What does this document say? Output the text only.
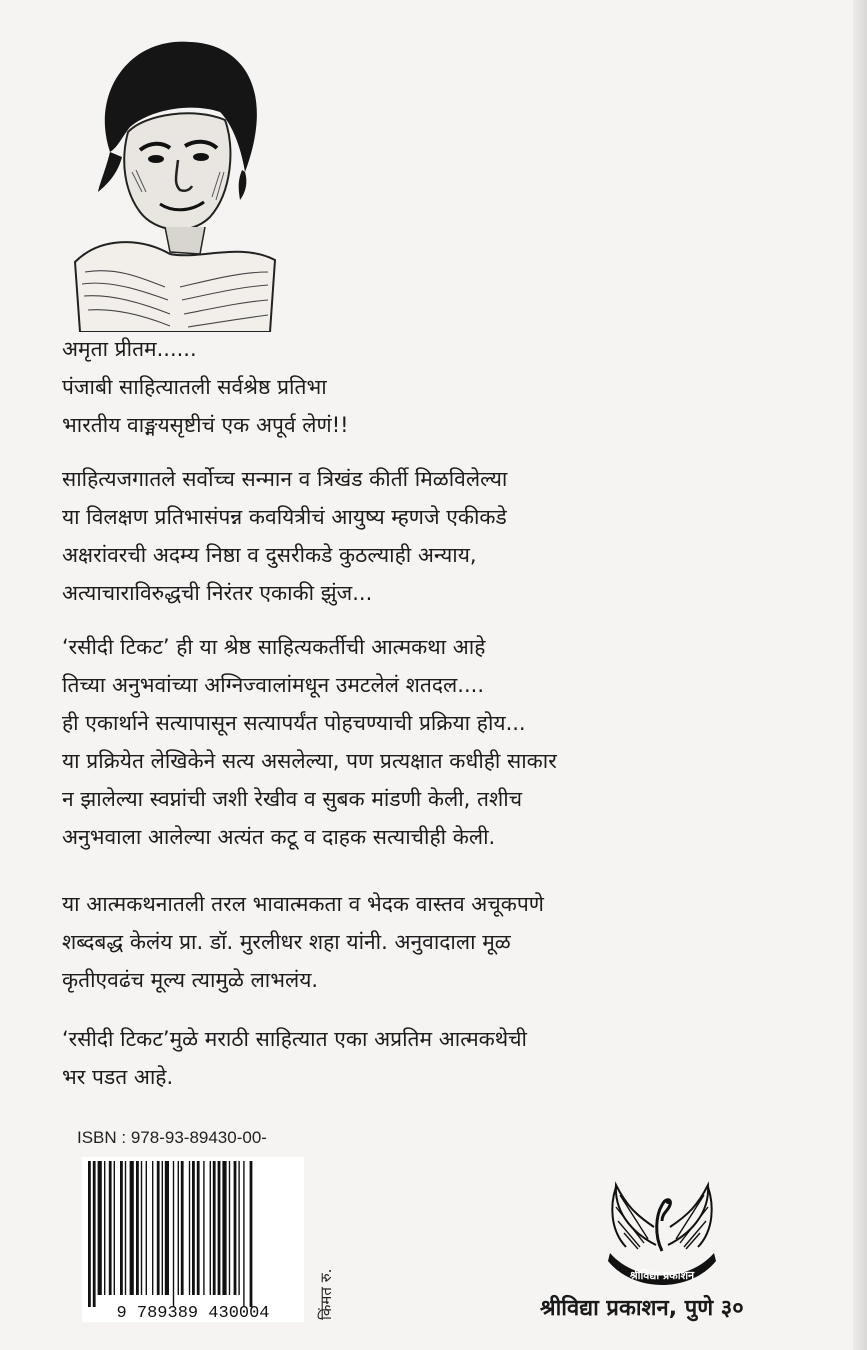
अमृता प्रीतम......

पंजाबी साहित्यातली सर्वश्रेष्ठ प्रतिभा

भारतीय वाङ्मयसृष्टीचं एक अपूर्व लेणं!!

साहित्यजगातले सर्वोच्च सन्मान व त्रिखंड कीर्ती मिळविलेल्या

या विलक्षण प्रतिभासंपन्न कवयित्रीचं आयुष्य म्हणजे एकीकडे

अक्षरांवरची अदम्य निष्ठा व दुसरीकडे कुठल्याही अन्याय,

अत्याचाराविरुद्धची निरंतर एकाकी झुंज...

‘रसीदी टिकट’ ही या श्रेष्ठ साहित्यकर्तीची आत्मकथा आहे

तिच्या अनुभवांच्या अग्निज्वालांमधून उमटलेलं शतदल....

ही एकार्थाने सत्यापासून सत्यापर्यंत पोहचण्याची प्रक्रिया होय...

या प्रक्रियेत लेखिकेने सत्य असलेल्या, पण प्रत्यक्षात कधीही साकार

न झालेल्या स्वप्नांची जशी रेखीव व सुबक मांडणी केली, तशीच

अनुभवाला आलेल्या अत्यंत कटू व दाहक सत्याचीही केली.

या आत्मकथनातली तरल भावात्मकता व भेदक वास्तव अचूकपणे

शब्दबद्ध केलंय प्रा. डॉ. मुरलीधर शहा यांनी. अनुवादाला मूळ

कृतीएवढंच मूल्य त्यामुळे लाभलंय.

‘रसीदी टिकट’मुळे मराठी साहित्यात एका अप्रतिम आत्मकथेची

भर पडत आहे.

ISBN : 978-93-89430-00-
9 789389 430004	किंमत रु.	श्रीविद्या प्रकाशन
श्रीविद्या प्रकाशन, पुणे ३०
